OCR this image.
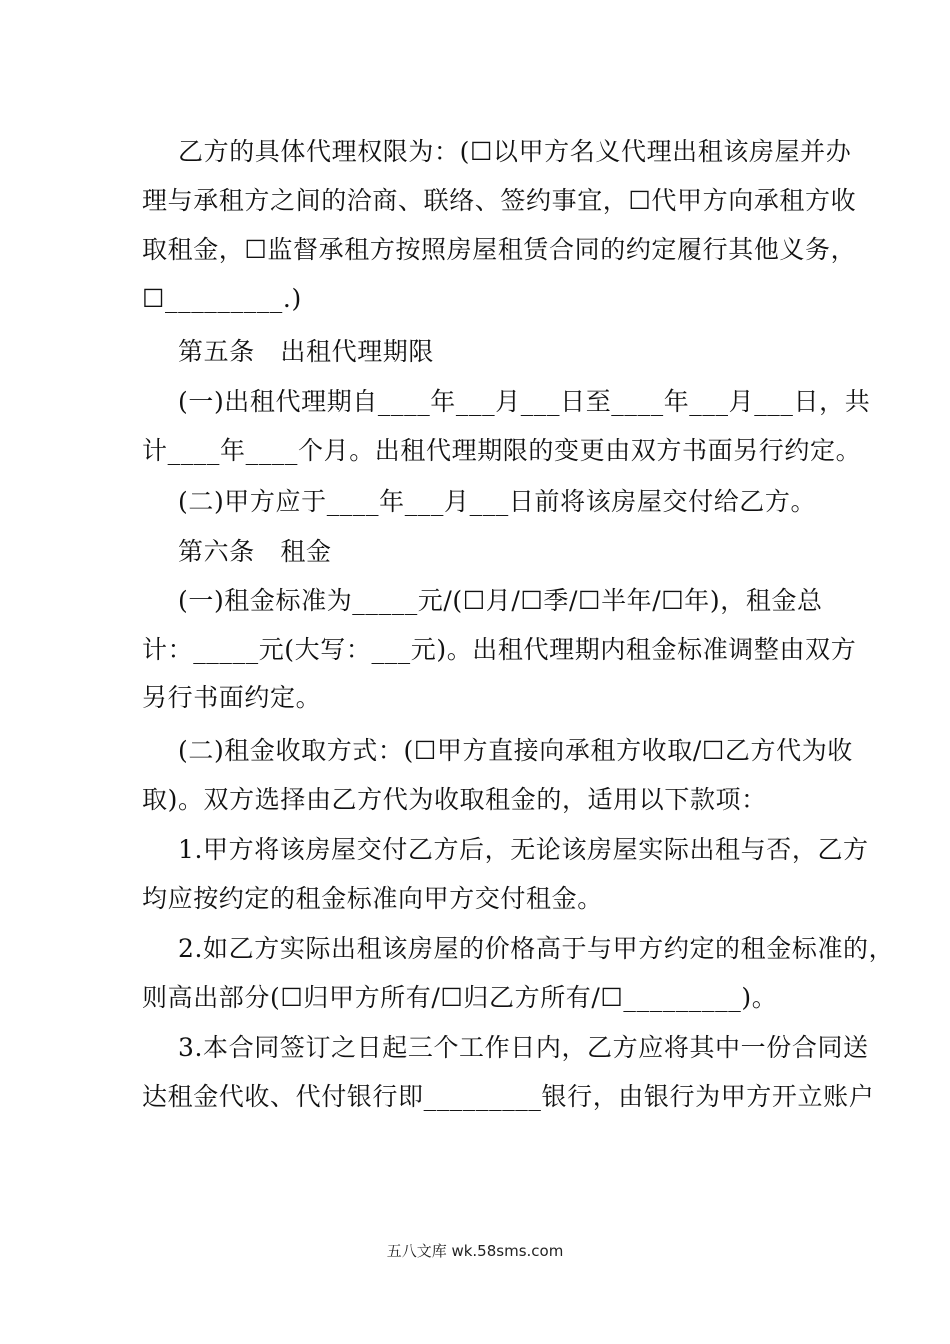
乙方的具体代理权限为：(☐以甲方名义代理出租该房屋并办
理与承租方之间的洽商、联络、签约事宜，☐代甲方向承租方收
取租金，☐监督承租方按照房屋租赁合同的约定履行其他义务，
☐_________.)
第五条　出租代理期限
(一)出租代理期自____年___月___日至____年___月___日，共
计____年____个月。出租代理期限的变更由双方书面另行约定。
(二)甲方应于____年___月___日前将该房屋交付给乙方。
第六条　租金
(一)租金标准为_____元/(☐月/☐季/☐半年/☐年)，租金总
计：_____元(大写：___元)。出租代理期内租金标准调整由双方
另行书面约定。
(二)租金收取方式：(☐甲方直接向承租方收取/☐乙方代为收
取)。双方选择由乙方代为收取租金的，适用以下款项：
1.甲方将该房屋交付乙方后，无论该房屋实际出租与否，乙方
均应按约定的租金标准向甲方交付租金。
2.如乙方实际出租该房屋的价格高于与甲方约定的租金标准的，
则高出部分(☐归甲方所有/☐归乙方所有/☐_________)。
3.本合同签订之日起三个工作日内，乙方应将其中一份合同送
达租金代收、代付银行即_________银行，由银行为甲方开立账户
五八文库 wk.58sms.com
